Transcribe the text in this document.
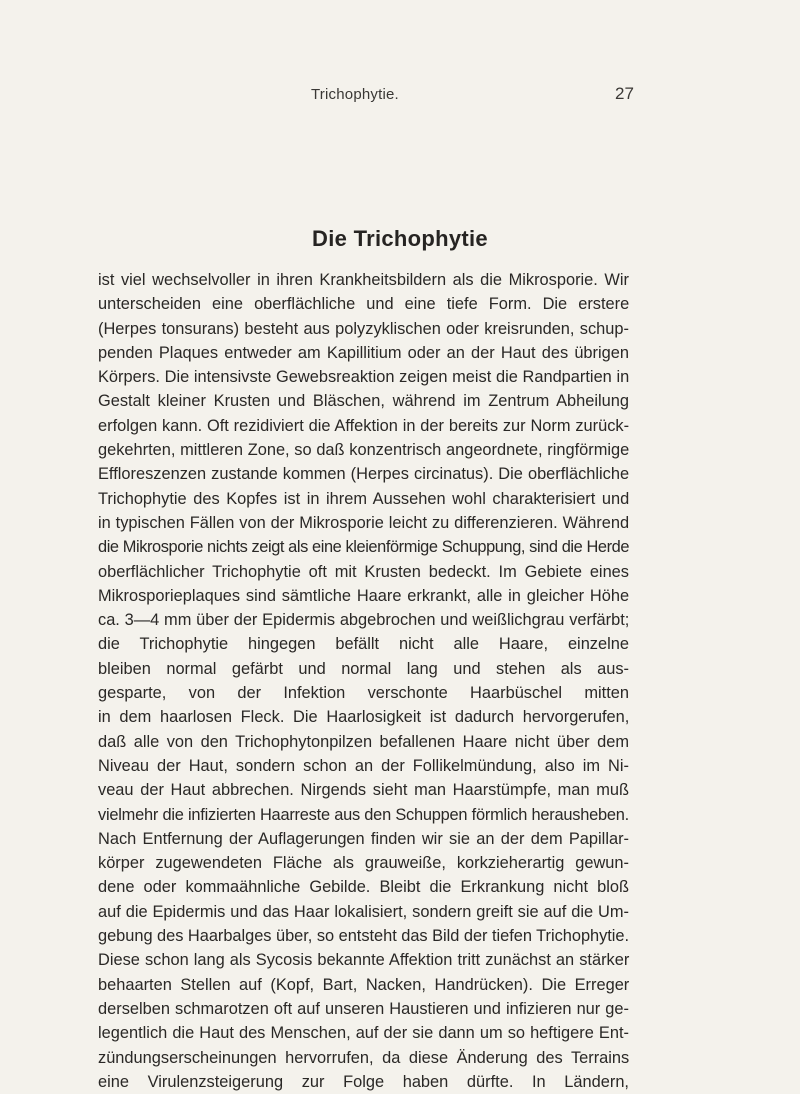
Trichophytie.	27
Die Trichophytie
ist viel wechselvoller in ihren Krankheitsbildern als die Mikrosporie. Wir
unterscheiden eine oberflächliche und eine tiefe Form. Die erstere
(Herpes tonsurans) besteht aus polyzyklischen oder kreisrunden, schup-
penden Plaques entweder am Kapillitium oder an der Haut des übrigen
Körpers. Die intensivste Gewebsreaktion zeigen meist die Randpartien in
Gestalt kleiner Krusten und Bläschen, während im Zentrum Abheilung
erfolgen kann. Oft rezidiviert die Affektion in der bereits zur Norm zurück-
gekehrten, mittleren Zone, so daß konzentrisch angeordnete, ringförmige
Effloreszenzen zustande kommen (Herpes circinatus). Die oberflächliche
Trichophytie des Kopfes ist in ihrem Aussehen wohl charakterisiert und
in typischen Fällen von der Mikrosporie leicht zu differenzieren. Während
die Mikrosporie nichts zeigt als eine kleienförmige Schuppung, sind die Herde
oberflächlicher Trichophytie oft mit Krusten bedeckt. Im Gebiete eines
Mikrosporieplaques sind sämtliche Haare erkrankt, alle in gleicher Höhe
ca. 3—4 mm über der Epidermis abgebrochen und weißlichgrau verfärbt;
die Trichophytie hingegen befällt nicht alle Haare, einzelne
bleiben normal gefärbt und normal lang und stehen als aus-
gesparte, von der Infektion verschonte Haarbüschel mitten
in dem haarlosen Fleck. Die Haarlosigkeit ist dadurch hervorgerufen,
daß alle von den Trichophytonpilzen befallenen Haare nicht über dem
Niveau der Haut, sondern schon an der Follikelmündung, also im Ni-
veau der Haut abbrechen. Nirgends sieht man Haarstümpfe, man muß
vielmehr die infizierten Haarreste aus den Schuppen förmlich herausheben.
Nach Entfernung der Auflagerungen finden wir sie an der dem Papillar-
körper zugewendeten Fläche als grauweiße, korkzieherartig gewun-
dene oder kommaähnliche Gebilde. Bleibt die Erkrankung nicht bloß
auf die Epidermis und das Haar lokalisiert, sondern greift sie auf die Um-
gebung des Haarbalges über, so entsteht das Bild der tiefen Trichophytie.
Diese schon lang als Sycosis bekannte Affektion tritt zunächst an stärker
behaarten Stellen auf (Kopf, Bart, Nacken, Handrücken). Die Erreger
derselben schmarotzen oft auf unseren Haustieren und infizieren nur ge-
legentlich die Haut des Menschen, auf der sie dann um so heftigere Ent-
zündungserscheinungen hervorrufen, da diese Änderung des Terrains
eine Virulenzsteigerung zur Folge haben dürfte. In Ländern,
